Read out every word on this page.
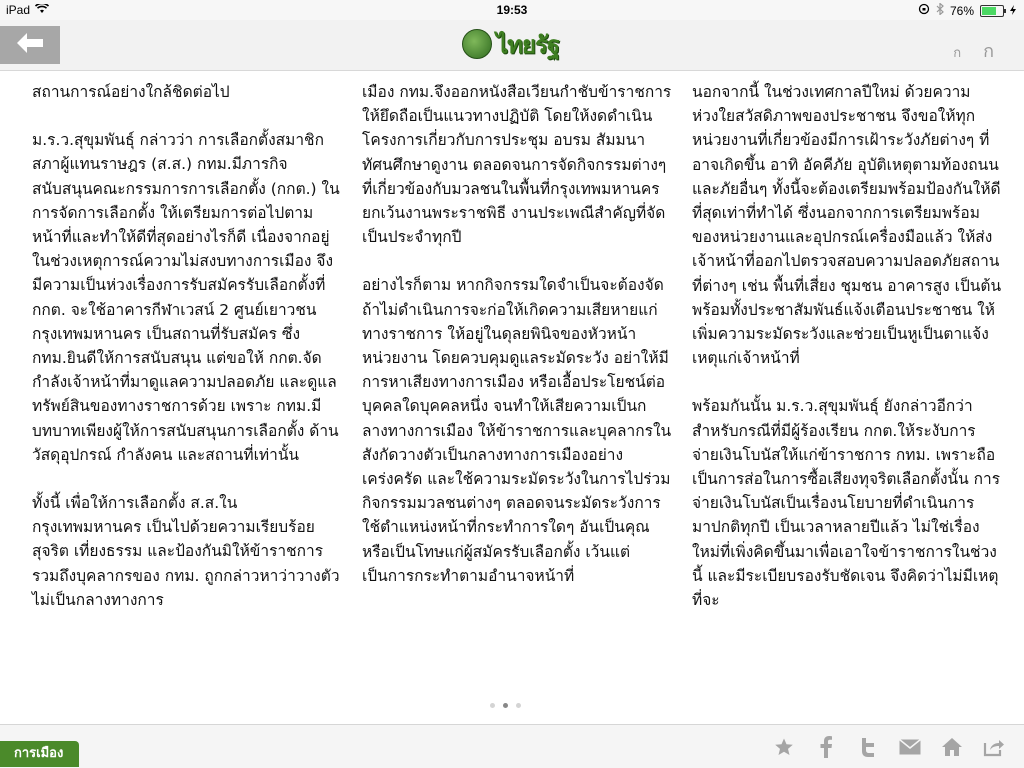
iPad	19:53	76%
ไทยรัฐ	ก ก

สถานการณ์อย่างใกล้ชิดต่อไป

ม.ร.ว.สุขุมพันธุ์ กล่าวว่า การเลือกตั้งสมาชิกสภาผู้แทนราษฎร (ส.ส.) กทม.มีภารกิจสนับสนุนคณะกรรมการการเลือกตั้ง (กกต.) ในการจัดการเลือกตั้ง ให้เตรียมการต่อไปตามหน้าที่และทำให้ดีที่สุดอย่างไรก็ดี เนื่องจากอยู่ในช่วงเหตุการณ์ความไม่สงบทางการเมือง จึงมีความเป็นห่วงเรื่องการรับสมัครรับเลือกตั้งที่ กกต. จะใช้อาคารกีฬาเวสน์ 2 ศูนย์เยาวชนกรุงเทพมหานคร เป็นสถานที่รับสมัคร ซึ่ง กทม.ยินดีให้การสนับสนุน แต่ขอให้ กกต.จัดกำลังเจ้าหน้าที่มาดูแลความปลอดภัย และดูแลทรัพย์สินของทางราชการด้วย เพราะ กทม.มีบทบาทเพียงผู้ให้การสนับสนุนการเลือกตั้ง ด้านวัสดุอุปกรณ์ กำลังคน และสถานที่เท่านั้น

ทั้งนี้ เพื่อให้การเลือกตั้ง ส.ส.ในกรุงเทพมหานคร เป็นไปด้วยความเรียบร้อย สุจริต เที่ยงธรรม และป้องกันมิให้ข้าราชการ รวมถึงบุคลากรของ กทม. ถูกกล่าวหาว่าวางตัวไม่เป็นกลางทางการ

เมือง กทม.จึงออกหนังสือเวียนกำชับข้าราชการ ให้ยึดถือเป็นแนวทางปฏิบัติ โดยให้งดดำเนินโครงการเกี่ยวกับการประชุม อบรม สัมมนา ทัศนศึกษาดูงาน ตลอดจนการจัดกิจกรรมต่างๆ ที่เกี่ยวข้องกับมวลชนในพื้นที่กรุงเทพมหานคร ยกเว้นงานพระราชพิธี งานประเพณีสำคัญที่จัดเป็นประจำทุกปี

อย่างไรก็ตาม หากกิจกรรมใดจำเป็นจะต้องจัด ถ้าไม่ดำเนินการจะก่อให้เกิดความเสียหายแก่ทางราชการ ให้อยู่ในดุลยพินิจของหัวหน้าหน่วยงาน โดยควบคุมดูแลระมัดระวัง อย่าให้มีการหาเสียงทางการเมือง หรือเอื้อประโยชน์ต่อบุคคลใดบุคคลหนึ่ง จนทำให้เสียความเป็นกลางทางการเมือง ให้ข้าราชการและบุคลากรในสังกัดวางตัวเป็นกลางทางการเมืองอย่างเคร่งครัด และใช้ความระมัดระวังในการไปร่วมกิจกรรมมวลชนต่างๆ ตลอดจนระมัดระวังการใช้ตำแหน่งหน้าที่กระทำการใดๆ อันเป็นคุณ หรือเป็นโทษแก่ผู้สมัครรับเลือกตั้ง เว้นแต่เป็นการกระทำตามอำนาจหน้าที่

นอกจากนี้ ในช่วงเทศกาลปีใหม่ ด้วยความห่วงใยสวัสดิภาพของประชาชน จึงขอให้ทุกหน่วยงานที่เกี่ยวข้องมีการเฝ้าระวังภัยต่างๆ ที่อาจเกิดขึ้น อาทิ อัคคีภัย อุบัติเหตุตามท้องถนน และภัยอื่นๆ ทั้งนี้จะต้องเตรียมพร้อมป้องกันให้ดีที่สุดเท่าที่ทำได้ ซึ่งนอกจากการเตรียมพร้อมของหน่วยงานและอุปกรณ์เครื่องมือแล้ว ให้ส่งเจ้าหน้าที่ออกไปตรวจสอบความปลอดภัยสถานที่ต่างๆ เช่น พื้นที่เสี่ยง ชุมชน อาคารสูง เป็นต้น พร้อมทั้งประชาสัมพันธ์แจ้งเตือนประชาชน ให้เพิ่มความระมัดระวังและช่วยเป็นหูเป็นตาแจ้งเหตุแก่เจ้าหน้าที่

พร้อมกันนั้น ม.ร.ว.สุขุมพันธุ์ ยังกล่าวอีกว่า สำหรับกรณีที่มีผู้ร้องเรียน กกต.ให้ระงับการจ่ายเงินโบนัสให้แก่ข้าราชการ กทม. เพราะถือเป็นการส่อในการซื้อเสียงทุจริตเลือกตั้งนั้น การจ่ายเงินโบนัสเป็นเรื่องนโยบายที่ดำเนินการมาปกติทุกปี เป็นเวลาหลายปีแล้ว ไม่ใช่เรื่องใหม่ที่เพิ่งคิดขึ้นมาเพื่อเอาใจข้าราชการในช่วงนี้ และมีระเบียบรองรับชัดเจน จึงคิดว่าไม่มีเหตุที่จะ

การเมือง
